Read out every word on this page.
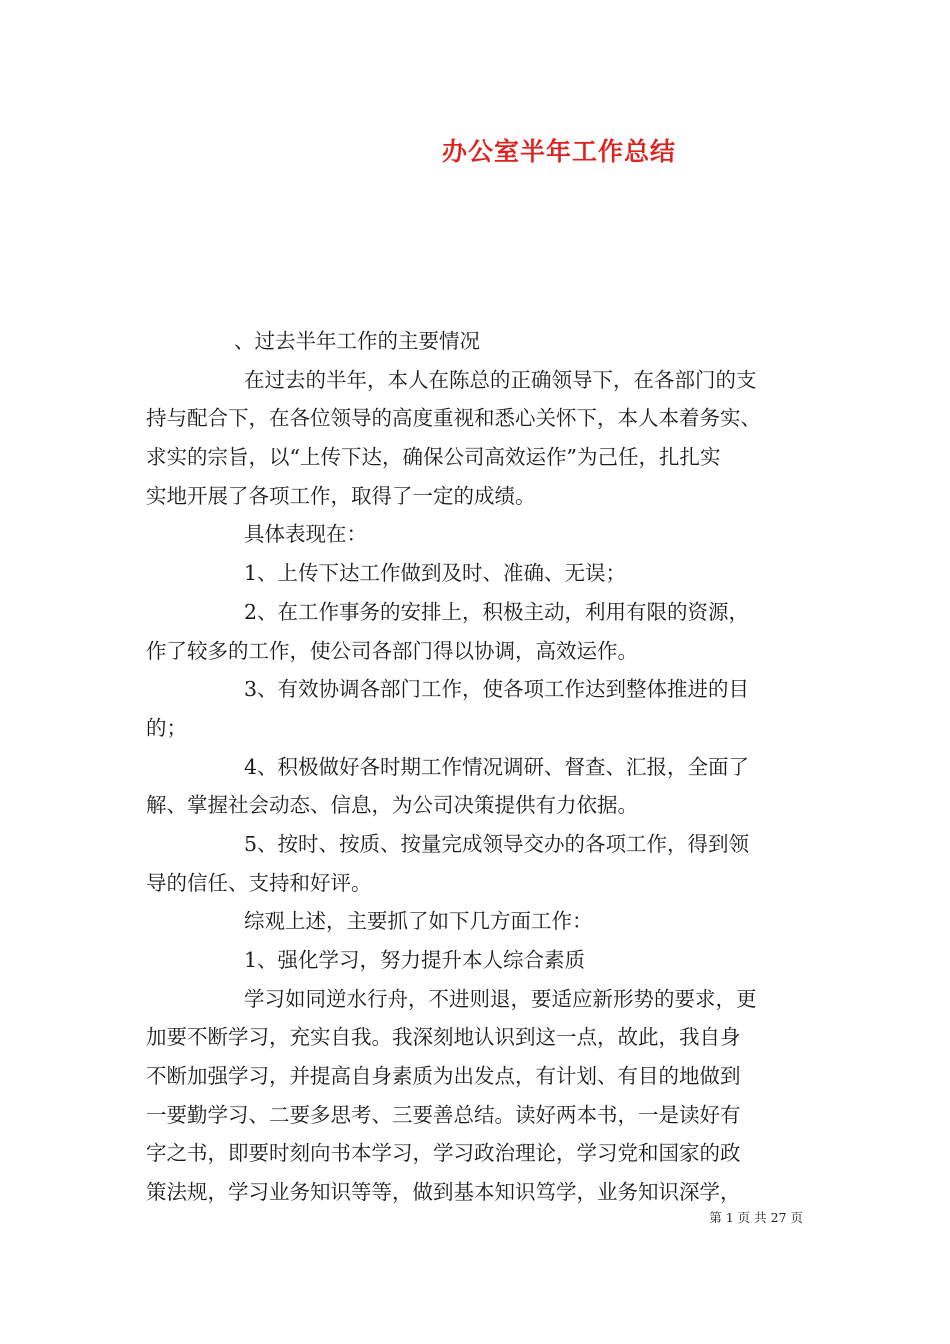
办公室半年工作总结
、过去半年工作的主要情况
在过去的半年，本人在陈总的正确领导下，在各部门的支
持与配合下，在各位领导的高度重视和悉心关怀下，本人本着务实、
求实的宗旨，以“上传下达，确保公司高效运作”为己任，扎扎实
实地开展了各项工作，取得了一定的成绩。
具体表现在：
1、上传下达工作做到及时、准确、无误；
2、在工作事务的安排上，积极主动，利用有限的资源，
作了较多的工作，使公司各部门得以协调，高效运作。
3、有效协调各部门工作，使各项工作达到整体推进的目
的；
4、积极做好各时期工作情况调研、督查、汇报，全面了
解、掌握社会动态、信息，为公司决策提供有力依据。
5、按时、按质、按量完成领导交办的各项工作，得到领
导的信任、支持和好评。
综观上述，主要抓了如下几方面工作：
1、强化学习，努力提升本人综合素质
学习如同逆水行舟，不进则退，要适应新形势的要求，更
加要不断学习，充实自我。我深刻地认识到这一点，故此，我自身
不断加强学习，并提高自身素质为出发点，有计划、有目的地做到
一要勤学习、二要多思考、三要善总结。读好两本书，一是读好有
字之书，即要时刻向书本学习，学习政治理论，学习党和国家的政
策法规，学习业务知识等等，做到基本知识笃学，业务知识深学，
第 1 页 共 27 页
